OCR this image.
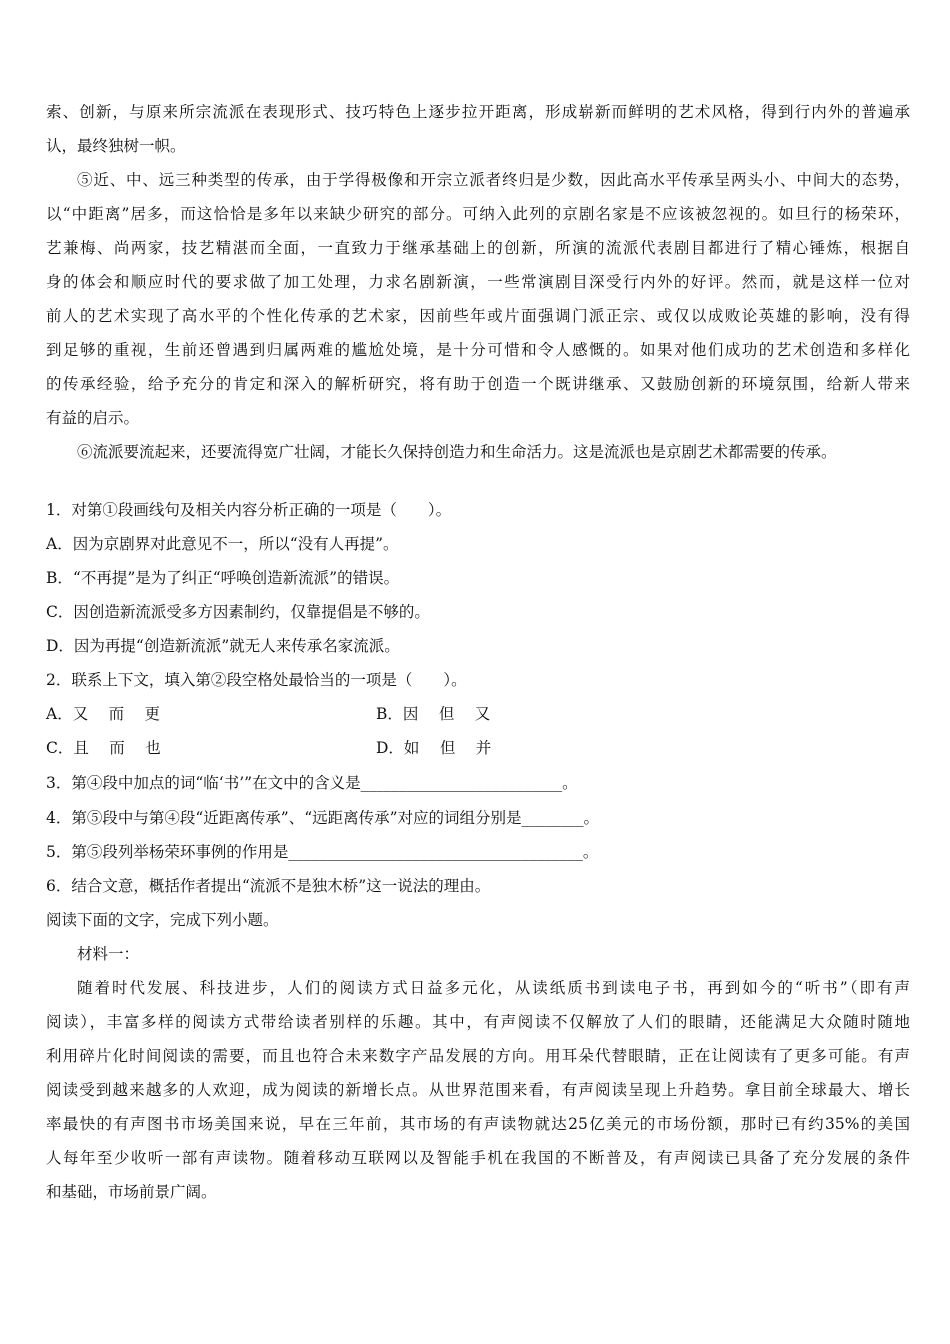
索、创新，与原来所宗流派在表现形式、技巧特色上逐步拉开距离，形成崭新而鲜明的艺术风格，得到行内外的普遍承
认，最终独树一帜。
⑤近、中、远三种类型的传承，由于学得极像和开宗立派者终归是少数，因此高水平传承呈两头小、中间大的态势，
以“中距离”居多，而这恰恰是多年以来缺少研究的部分。可纳入此列的京剧名家是不应该被忽视的。如旦行的杨荣环，
艺兼梅、尚两家，技艺精湛而全面，一直致力于继承基础上的创新，所演的流派代表剧目都进行了精心锤炼，根据自
身的体会和顺应时代的要求做了加工处理，力求名剧新演，一些常演剧目深受行内外的好评。然而，就是这样一位对
前人的艺术实现了高水平的个性化传承的艺术家，因前些年或片面强调门派正宗、或仅以成败论英雄的影响，没有得
到足够的重视，生前还曾遇到归属两难的尴尬处境，是十分可惜和令人感慨的。如果对他们成功的艺术创造和多样化
的传承经验，给予充分的肯定和深入的解析研究，将有助于创造一个既讲继承、又鼓励创新的环境氛围，给新人带来
有益的启示。
⑥流派要流起来，还要流得宽广壮阔，才能长久保持创造力和生命活力。这是流派也是京剧艺术都需要的传承。
1．对第①段画线句及相关内容分析正确的一项是（　　）。
A．因为京剧界对此意见不一，所以“没有人再提”。
B．“不再提”是为了纠正“呼唤创造新流派”的错误。
C．因创造新流派受多方因素制约，仅靠提倡是不够的。
D．因为再提“创造新流派”就无人来传承名家流派。
2．联系上下文，填入第②段空格处最恰当的一项是（　　）。
A．又　 而　 更	B．因　 但　 又
C．且　 而　 也	D．如　 但　 并
3．第④段中加点的词“临‘书’”在文中的含义是__________________________。
4．第⑤段中与第④段“近距离传承”、“远距离传承”对应的词组分别是________。
5．第⑤段列举杨荣环事例的作用是______________________________________。
6．结合文意，概括作者提出“流派不是独木桥”这一说法的理由。
阅读下面的文字，完成下列小题。
材料一：
随着时代发展、科技进步，人们的阅读方式日益多元化，从读纸质书到读电子书，再到如今的“听书”（即有声
阅读），丰富多样的阅读方式带给读者别样的乐趣。其中，有声阅读不仅解放了人们的眼睛，还能满足大众随时随地
利用碎片化时间阅读的需要，而且也符合未来数字产品发展的方向。用耳朵代替眼睛，正在让阅读有了更多可能。有声
阅读受到越来越多的人欢迎，成为阅读的新增长点。从世界范围来看，有声阅读呈现上升趋势。拿目前全球最大、增长
率最快的有声图书市场美国来说，早在三年前，其市场的有声读物就达25亿美元的市场份额，那时已有约35%的美国
人每年至少收听一部有声读物。随着移动互联网以及智能手机在我国的不断普及，有声阅读已具备了充分发展的条件
和基础，市场前景广阔。
